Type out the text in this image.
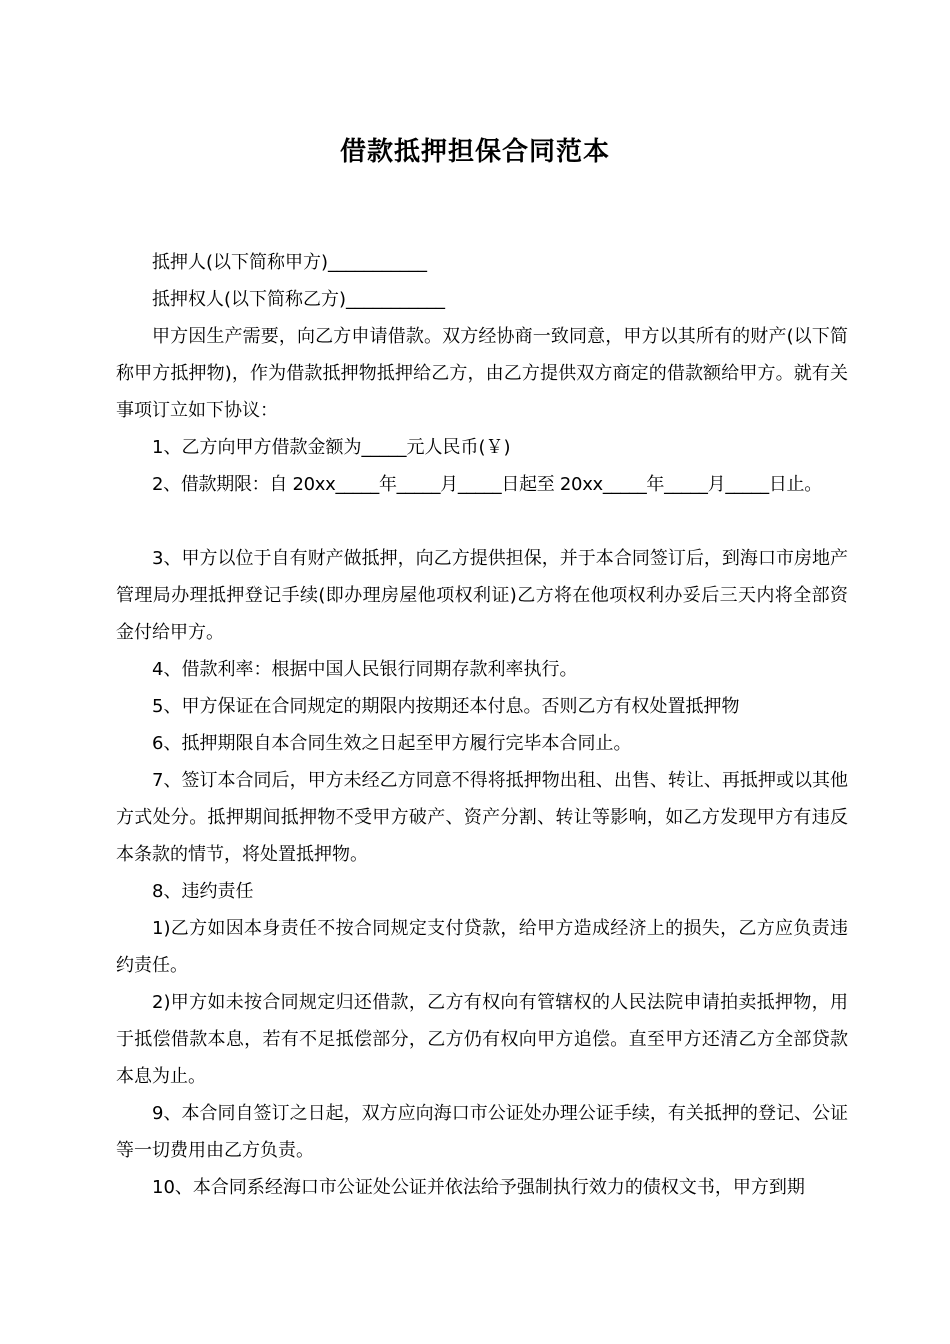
借款抵押担保合同范本

抵押人(以下简称甲方)___________

抵押权人(以下简称乙方)___________

甲方因生产需要，向乙方申请借款。双方经协商一致同意，甲方以其所有的财产(以下简称甲方抵押物)，作为借款抵押物抵押给乙方，由乙方提供双方商定的借款额给甲方。就有关事项订立如下协议：

1、乙方向甲方借款金额为_____元人民币(￥)

2、借款期限：自 20xx_____年_____月_____日起至 20xx_____年_____月_____日止。

3、甲方以位于自有财产做抵押，向乙方提供担保，并于本合同签订后，到海口市房地产管理局办理抵押登记手续(即办理房屋他项权利证)乙方将在他项权利办妥后三天内将全部资金付给甲方。

4、借款利率：根据中国人民银行同期存款利率执行。

5、甲方保证在合同规定的期限内按期还本付息。否则乙方有权处置抵押物

6、抵押期限自本合同生效之日起至甲方履行完毕本合同止。

7、签订本合同后，甲方未经乙方同意不得将抵押物出租、出售、转让、再抵押或以其他方式处分。抵押期间抵押物不受甲方破产、资产分割、转让等影响，如乙方发现甲方有违反本条款的情节，将处置抵押物。

8、违约责任

1)乙方如因本身责任不按合同规定支付贷款，给甲方造成经济上的损失，乙方应负责违约责任。

2)甲方如未按合同规定归还借款，乙方有权向有管辖权的人民法院申请拍卖抵押物，用于抵偿借款本息，若有不足抵偿部分，乙方仍有权向甲方追偿。直至甲方还清乙方全部贷款本息为止。

9、本合同自签订之日起，双方应向海口市公证处办理公证手续，有关抵押的登记、公证等一切费用由乙方负责。

10、本合同系经海口市公证处公证并依法给予强制执行效力的债权文书，甲方到期
